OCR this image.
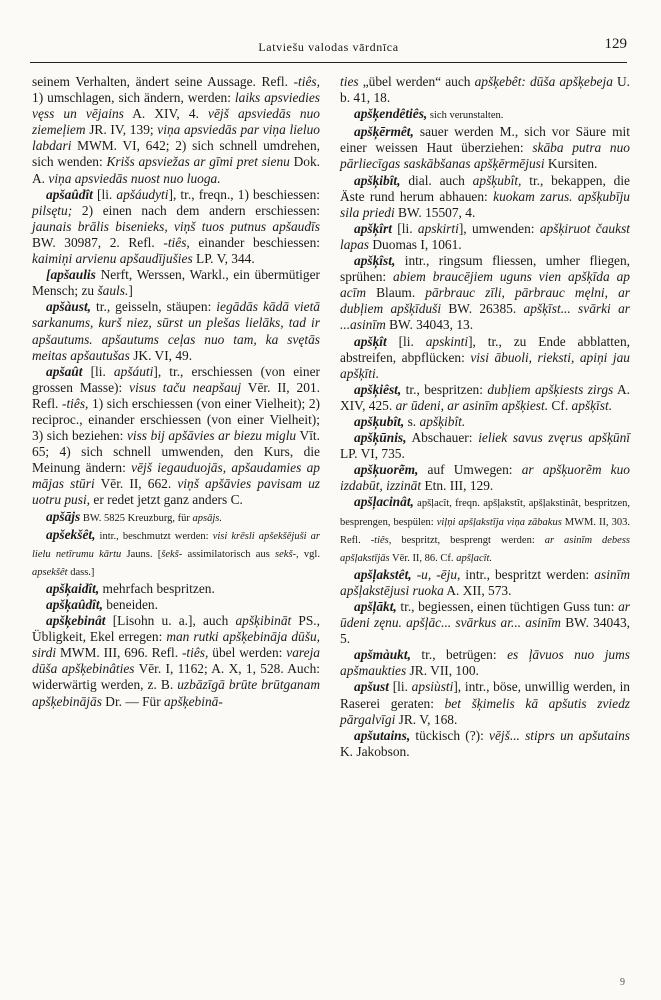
Latviešu valodas vārdnīca	129

seinem Verhalten, ändert seine Aussage. Refl. -tiês, 1) umschlagen, sich ändern, werden: laiks apsviedies vęss un vējains A. XIV, 4. vējš apsviedās nuo ziemeļiem JR. IV, 139; viņa apsviedās par viņa lieluo labdari MWM. VI, 642; 2) sich schnell umdrehen, sich wenden: Krišs apsviežas ar gīmi pret sienu Dok. A. viņa apsviedās nuost nuo luoga.

apšaûdît [li. apšáudyti], tr., freqn., 1) beschiessen: pilsętu; 2) einen nach dem andern erschiessen: jaunais brālis bisenieks, viņš tuos putnus apšaudīs BW. 30987, 2. Refl. -tiês, einander beschiessen: kaimiņi arvienu apšaudījušies LP. V, 344.

[apšaulis Nerft, Werssen, Warkl., ein übermütiger Mensch; zu šauls.]

apšàust, tr., geisseln, stäupen: iegādās kādā vietā sarkanums, kurš niez, sūrst un plešas lielāks, tad ir apšautums. apšautums ceļas nuo tam, ka svętās meitas apšautušas JK. VI, 49.

apšaût [li. apšáuti], tr., erschiessen (von einer grossen Masse): visus taču neapšauj Vēr. II, 201. Refl. -tiês, 1) sich erschiessen (von einer Vielheit); 2) reciproc., einander erschiessen (von einer Vielheit); 3) sich beziehen: viss bij apšāvies ar biezu miglu Vīt. 65; 4) sich schnell umwenden, den Kurs, die Meinung ändern: vējš iegauduojās, apšaudamies ap mājas stūri Vēr. II, 662. viņš apšāvies pavisam uz uotru pusi, er redet jetzt ganz anders C.

apšājs BW. 5825 Kreuzburg, für apsājs.

apšekšêt, intr., beschmutzt werden: visi krēsli apšekšējuši ar lielu netīrumu kārtu Jauns. [šekš- assimilatorisch aus sekš-, vgl. apsekšêt dass.]

apšķaidît, mehrfach bespritzen.

apšķaûdît, beneiden.

apšķebinât [Lisohn u. a.], auch apšķibināt PS., Übligkeit, Ekel erregen: man rutki apšķebināja dūšu, sirdi MWM. III, 696. Refl. -tiês, übel werden: vareja dūša apšķebinâties Vēr. I, 1162; A. X, 1, 528. Auch: widerwärtig werden, z. B. uzbāzīgā brūte brūtganam apšķebinājās Dr. — Für apšķebinā-

ties „übel werden“ auch apšķebêt: dūša apšķebeja U. b. 41, 18.

apšķendêtiês, sich verunstalten.

apšķērmêt, sauer werden M., sich vor Säure mit einer weissen Haut überziehen: skāba putra nuo pārliecīgas saskābšanas apšķērmējusi Kursiten.

apšķibît, dial. auch apšķubît, tr., bekappen, die Äste rund herum abhauen: kuokam zarus. apšķubīju sila priedi BW. 15507, 4.

apšķîrt [li. apskirti], umwenden: apšķiruot čaukst lapas Duomas I, 1061.

apšķîst, intr., ringsum fliessen, umher fliegen, sprühen: abiem braucējiem uguns vien apšķīda ap acīm Blaum. pārbrauc zīli, pārbrauc męlni, ar dubļiem apšķīduši BW. 26385. apšķīst... svārki ar ...asinīm BW. 34043, 13.

apšķît [li. apskinti], tr., zu Ende abblatten, abstreifen, abpflücken: visi ābuoli, rieksti, apiņi jau apšķīti.

apšķiêst, tr., bespritzen: dubļiem apšķiests zirgs A. XIV, 425. ar ūdeni, ar asinīm apšķiest. Cf. apšķīst.

apšķubît, s. apšķibît.

apšķūnis, Abschauer: ieliek savus zvęrus apšķūnī LP. VI, 735.

apšķuorẽm, auf Umwegen: ar apšķuorẽm kuo izdabūt, izzināt Etn. III, 129.

apšļacinât, apšļacît, freqn. apšļakstît, apšļakstinât, bespritzen, besprengen, bespülen: viļņi apšļakstīja viņa zābakus MWM. II, 303. Refl. -tiês, bespritzt, besprengt werden: ar asinīm debess apšļakstījās Vēr. II, 86. Cf. apšļacît.

apšļakstêt, -u, -ēju, intr., bespritzt werden: asinīm apšļakstējusi ruoka A. XII, 573.

apšļākt, tr., begiessen, einen tüchtigen Guss tun: ar ūdeni zęnu. apšļāc... svārkus ar... asinīm BW. 34043, 5.

apšmàukt, tr., betrügen: es ļāvuos nuo jums apšmaukties JR. VII, 100.

apšust [li. apsiùsti], intr., böse, unwillig werden, in Raserei geraten: bet šķimelis kā apšutis zviedz pārgalvīgi JR. V, 168.

apšutains, tückisch (?): vējš... stiprs un apšutains K. Jakobson.

9
